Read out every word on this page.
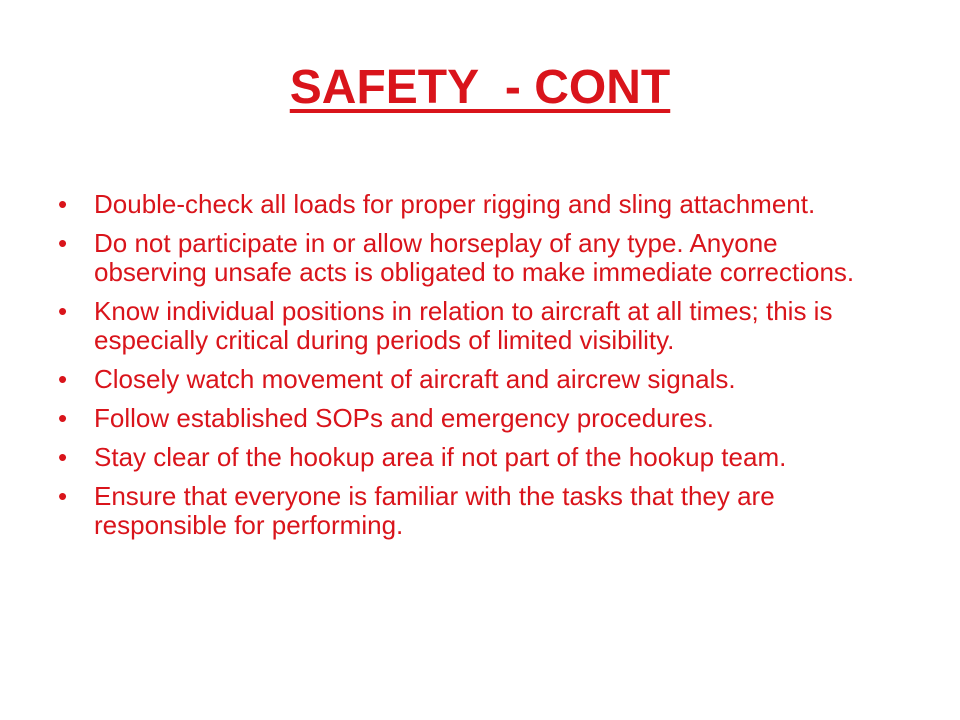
SAFETY  - CONT
• Double-check all loads for proper rigging and sling attachment.
• Do not participate in or allow horseplay of any type. Anyone observing unsafe acts is obligated to make immediate corrections.
• Know individual positions in relation to aircraft at all times; this is especially critical during periods of limited visibility.
• Closely watch movement of aircraft and aircrew signals.
• Follow established SOPs and emergency procedures.
• Stay clear of the hookup area if not part of the hookup team.
• Ensure that everyone is familiar with the tasks that they are responsible for performing.
